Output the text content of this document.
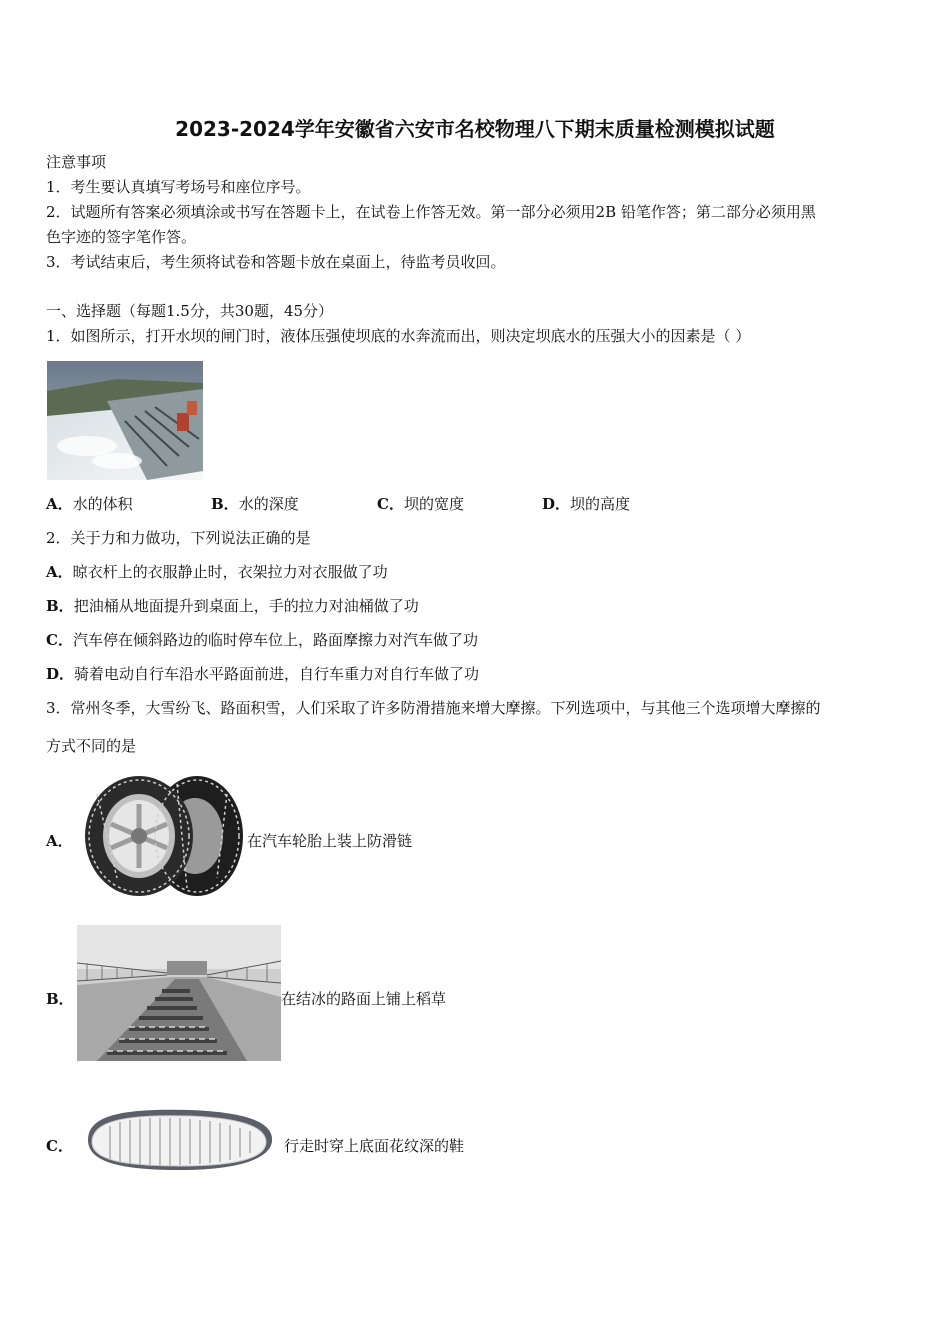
2023-2024学年安徽省六安市名校物理八下期末质量检测模拟试题
注意事项
1．考生要认真填写考场号和座位序号。
2．试题所有答案必须填涂或书写在答题卡上，在试卷上作答无效。第一部分必须用2B 铅笔作答；第二部分必须用黑
色字迹的签字笔作答。
3．考试结束后，考生须将试卷和答题卡放在桌面上，待监考员收回。
一、选择题（每题1.5分，共30题，45分）
1．如图所示，打开水坝的闸门时，液体压强使坝底的水奔流而出，则决定坝底水的压强大小的因素是（ ）
A．水的体积	B．水的深度	C．坝的宽度	D．坝的高度
2．关于力和力做功，下列说法正确的是
A．晾衣杆上的衣服静止时，衣架拉力对衣服做了功
B．把油桶从地面提升到桌面上，手的拉力对油桶做了功
C．汽车停在倾斜路边的临时停车位上，路面摩擦力对汽车做了功
D．骑着电动自行车沿水平路面前进，自行车重力对自行车做了功
3．常州冬季，大雪纷飞、路面积雪，人们采取了许多防滑措施来增大摩擦。下列选项中，与其他三个选项增大摩擦的
方式不同的是
A．	在汽车轮胎上装上防滑链
B．	在结冰的路面上铺上稻草
C．	行走时穿上底面花纹深的鞋
